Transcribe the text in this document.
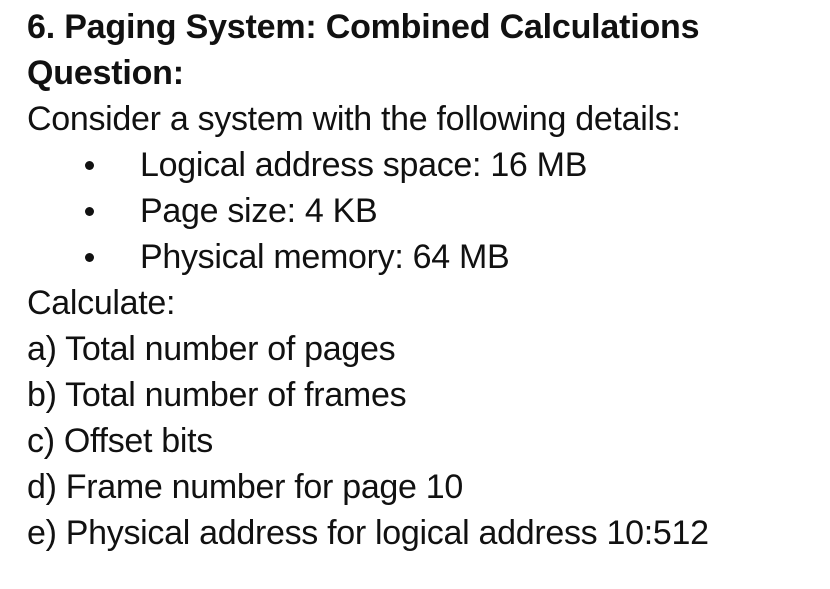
6. Paging System: Combined Calculations
Question:
Consider a system with the following details:
Logical address space: 16 MB
Page size: 4 KB
Physical memory: 64 MB
Calculate:
a) Total number of pages
b) Total number of frames
c) Offset bits
d) Frame number for page 10
e) Physical address for logical address 10:512
